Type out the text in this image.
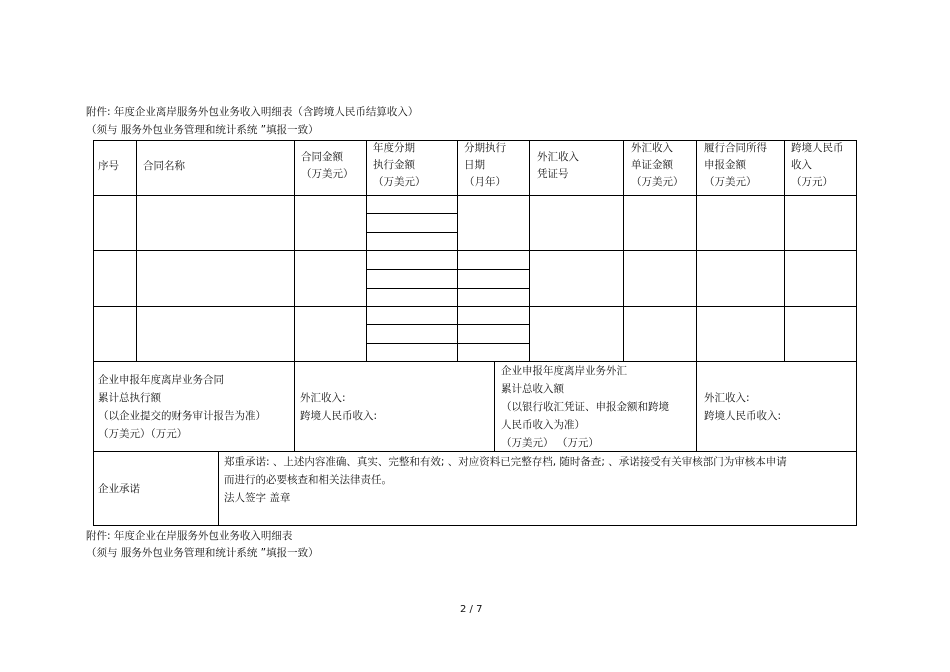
附件: 年度企业离岸服务外包业务收入明细表（含跨境人民币结算收入）
（须与 服务外包业务管理和统计系统 ”填报一致）
序号 合同名称
合同金额
（万美元）
年度分期
执行金额
（万美元）
分期执行
日期
（月年）
外汇收入
凭证号
外汇收入
单证金额
（万美元）
履行合同所得
申报金额
（万美元）
跨境人民币
收入
（万元）
企业申报年度离岸业务合同
累计总执行额
（以企业提交的财务审计报告为准）
（万美元）（万元）
外汇收入:
跨境人民币收入:
企业申报年度离岸业务外汇
累计总收入额
（以银行收汇凭证、申报金额和跨境
人民币收入为准）
（万美元） （万元）
外汇收入:
跨境人民币收入:
企业承诺
郑重承诺: 、上述内容准确、真实、完整和有效; 、对应资料已完整存档, 随时备查; 、承诺接受有关审核部门为审核本申请
而进行的必要核查和相关法律责任。
法人签字 盖章
附件: 年度企业在岸服务外包业务收入明细表
（须与 服务外包业务管理和统计系统 ”填报一致）
2 / 7
